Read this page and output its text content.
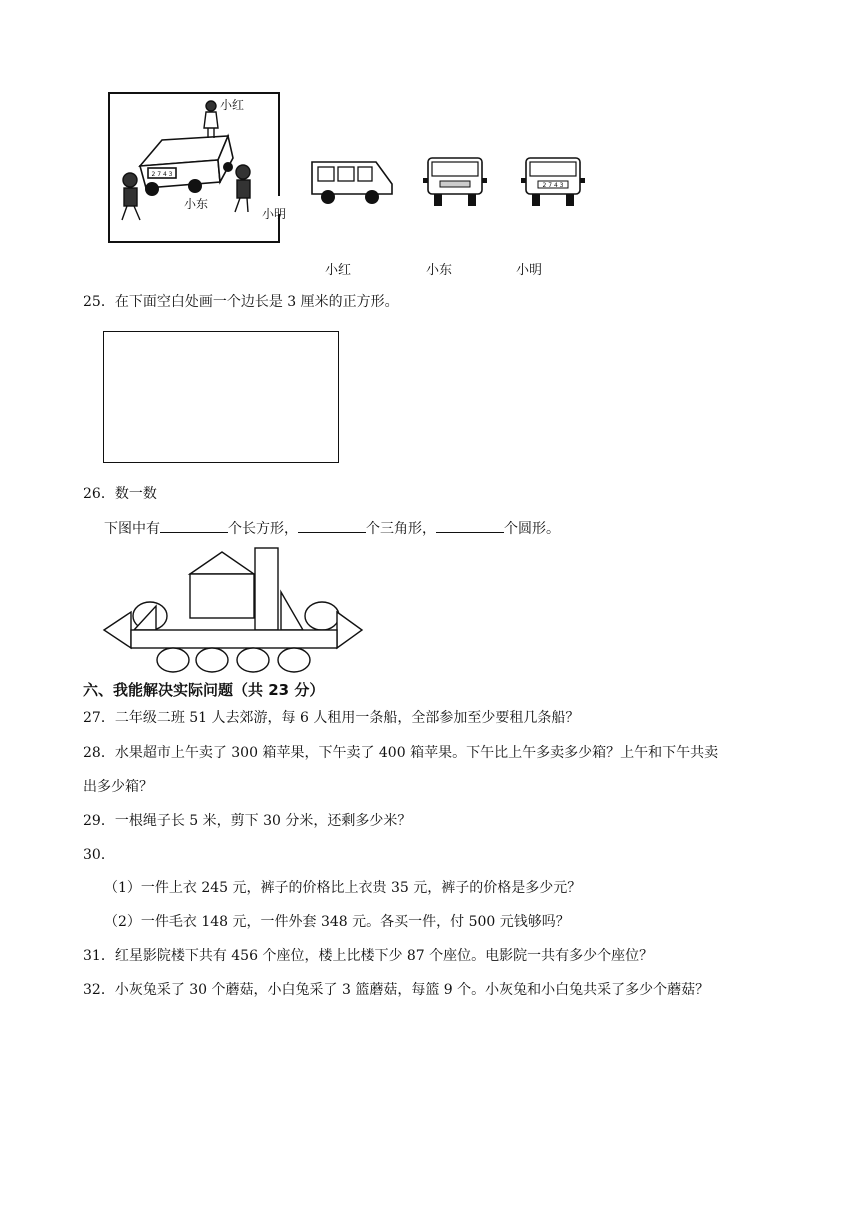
2 7 4 3
小红
小东
小明
2 7 4 3
小红	小东	小明
25．在下面空白处画一个边长是 3 厘米的正方形。
26．数一数
下图中有	个长方形，	个三角形，	个圆形。
六、我能解决实际问题（共 23 分）
27．二年级二班 51 人去郊游，每 6 人租用一条船，全部参加至少要租几条船？
28．水果超市上午卖了 300 箱苹果，下午卖了 400 箱苹果。下午比上午多卖多少箱？上午和下午共卖
出多少箱？
29．一根绳子长 5 米，剪下 30 分米，还剩多少米？
30．
（1）一件上衣 245 元，裤子的价格比上衣贵 35 元，裤子的价格是多少元？
（2）一件毛衣 148 元，一件外套 348 元。各买一件，付 500 元钱够吗？
31．红星影院楼下共有 456 个座位，楼上比楼下少 87 个座位。电影院一共有多少个座位？
32．小灰兔采了 30 个蘑菇，小白兔采了 3 篮蘑菇，每篮 9 个。小灰兔和小白兔共采了多少个蘑菇？
